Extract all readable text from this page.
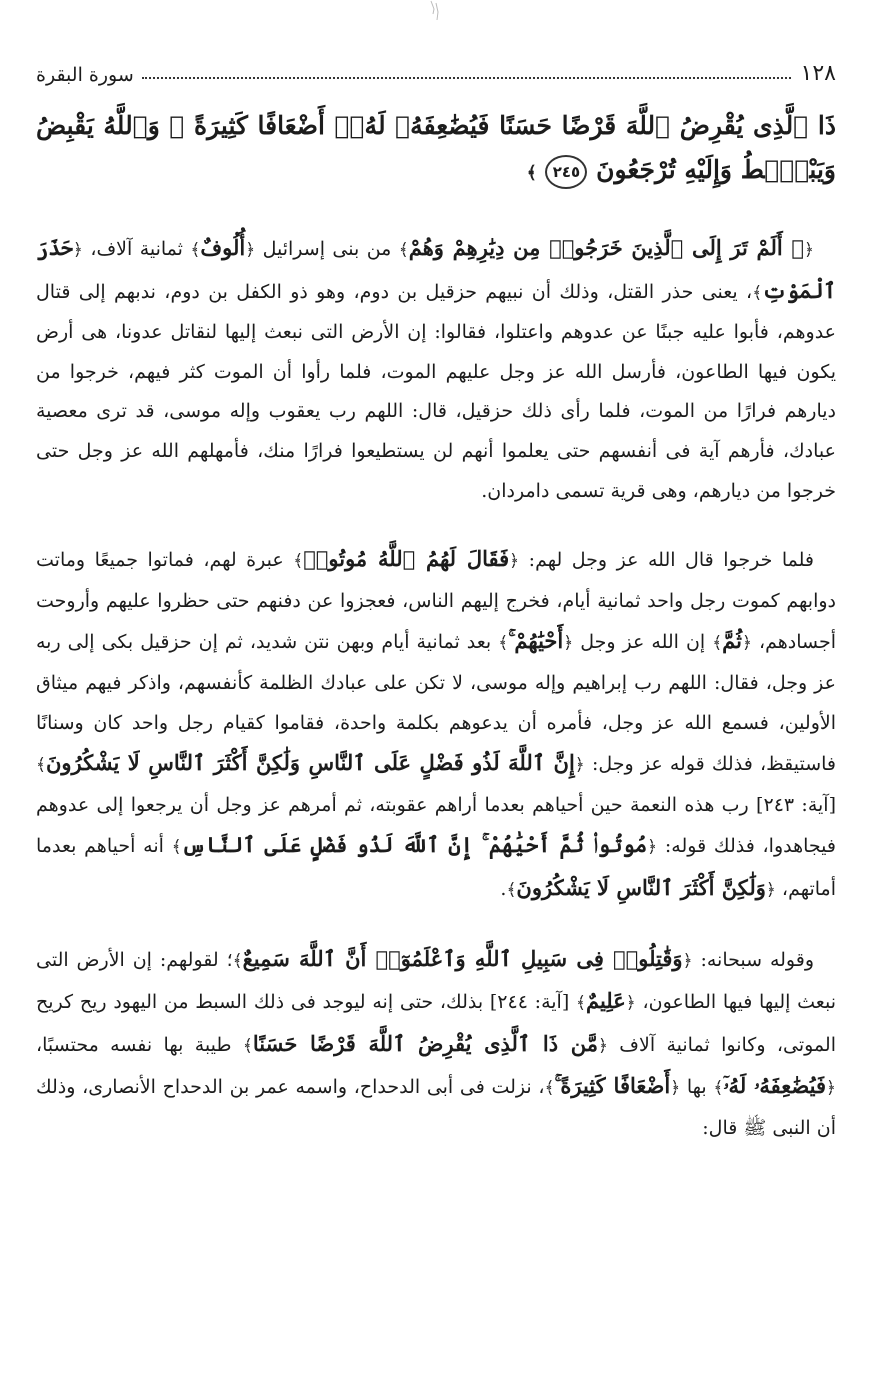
١٢٨
سورة البقرة
ذَا ٱلَّذِى يُقْرِضُ ٱللَّهَ قَرْضًا حَسَنًا فَيُضَٰعِفَهُۥ لَهُۥٓ أَضْعَافًا كَثِيرَةً ۚ وَٱللَّهُ يَقْبِضُ وَيَبْصُۜطُ وَإِلَيْهِ تُرْجَعُونَ ٢٤٥ ﴾

﴿۞ أَلَمْ تَرَ إِلَى ٱلَّذِينَ خَرَجُوا۟ مِن دِيَٰرِهِمْ وَهُمْ﴾ من بنى إسرائيل ﴿أُلُوفٌ﴾ ثمانية آلاف، ﴿حَذَرَ ٱلْمَوْتِ﴾، يعنى حذر القتل، وذلك أن نبيهم حزقيل بن دوم، وهو ذو الكفل بن دوم، ندبهم إلى قتال عدوهم، فأبوا عليه جبنًا عن عدوهم واعتلوا، فقالوا: إن الأرض التى نبعث إليها لنقاتل عدونا، هى أرض يكون فيها الطاعون، فأرسل الله عز وجل عليهم الموت، فلما رأوا أن الموت كثر فيهم، خرجوا من ديارهم فرارًا من الموت، فلما رأى ذلك حزقيل، قال: اللهم رب يعقوب وإله موسى، قد ترى معصية عبادك، فأرهم آية فى أنفسهم حتى يعلموا أنهم لن يستطيعوا فرارًا منك، فأمهلهم الله عز وجل حتى خرجوا من ديارهم، وهى قرية تسمى دامردان.

فلما خرجوا قال الله عز وجل لهم: ﴿فَقَالَ لَهُمُ ٱللَّهُ مُوتُوا۟﴾ عبرة لهم، فماتوا جميعًا وماتت دوابهم كموت رجل واحد ثمانية أيام، فخرج إليهم الناس، فعجزوا عن دفنهم حتى حظروا عليهم وأروحت أجسادهم، ﴿ثُمَّ﴾ إن الله عز وجل ﴿أَحْيَٰهُمْ ۚ﴾ بعد ثمانية أيام وبهن نتن شديد، ثم إن حزقيل بكى إلى ربه عز وجل، فقال: اللهم رب إبراهيم وإله موسى، لا تكن على عبادك الظلمة كأنفسهم، واذكر فيهم ميثاق الأولين، فسمع الله عز وجل، فأمره أن يدعوهم بكلمة واحدة، فقاموا كقيام رجل واحد كان وسنانًا فاستيقظ، فذلك قوله عز وجل: ﴿إِنَّ ٱللَّهَ لَذُو فَضْلٍ عَلَى ٱلنَّاسِ وَلَٰكِنَّ أَكْثَرَ ٱلنَّاسِ لَا يَشْكُرُونَ﴾ [آية: ٢٤٣] رب هذه النعمة حين أحياهم بعدما أراهم عقوبته، ثم أمرهم عز وجل أن يرجعوا إلى عدوهم فيجاهدوا، فذلك قوله: ﴿مُوتُوا۟ ثُمَّ أَحْيَٰهُمْ ۚ إِنَّ ٱللَّهَ لَذُو فَضْلٍ عَلَى ٱلنَّاسِ﴾ أنه أحياهم بعدما أماتهم، ﴿وَلَٰكِنَّ أَكْثَرَ ٱلنَّاسِ لَا يَشْكُرُونَ﴾.

وقوله سبحانه: ﴿وَقَٰتِلُوا۟ فِى سَبِيلِ ٱللَّهِ وَٱعْلَمُوٓا۟ أَنَّ ٱللَّهَ سَمِيعٌ﴾؛ لقولهم: إن الأرض التى نبعث إليها فيها الطاعون، ﴿عَلِيمٌ﴾ [آية: ٢٤٤] بذلك، حتى إنه ليوجد فى ذلك السبط من اليهود ريح كريح الموتى، وكانوا ثمانية آلاف ﴿مَّن ذَا ٱلَّذِى يُقْرِضُ ٱللَّهَ قَرْضًا حَسَنًا﴾ طيبة بها نفسه محتسبًا، ﴿فَيُضَٰعِفَهُۥ لَهُۥٓ﴾ بها ﴿أَضْعَافًا كَثِيرَةً ۚ﴾، نزلت فى أبى الدحداح، واسمه عمر بن الدحداح الأنصارى، وذلك أن النبى ﷺ قال:
